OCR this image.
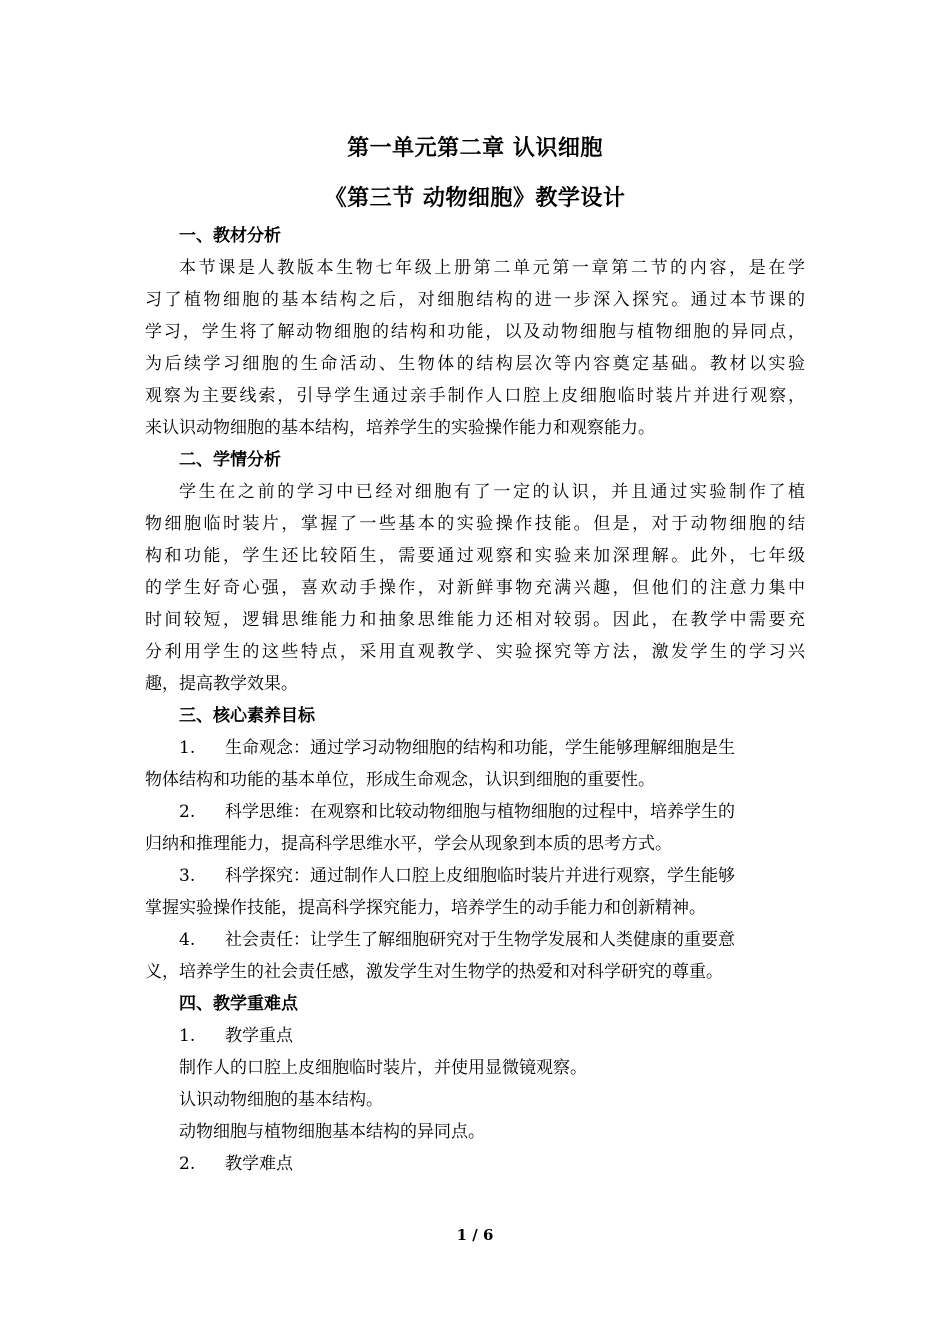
第一单元第二章 认识细胞
《第三节 动物细胞》教学设计
一、教材分析
本节课是人教版本生物七年级上册第二单元第一章第二节的内容，是在学
习了植物细胞的基本结构之后，对细胞结构的进一步深入探究。通过本节课的
学习，学生将了解动物细胞的结构和功能，以及动物细胞与植物细胞的异同点，
为后续学习细胞的生命活动、生物体的结构层次等内容奠定基础。教材以实验
观察为主要线索，引导学生通过亲手制作人口腔上皮细胞临时装片并进行观察，
来认识动物细胞的基本结构，培养学生的实验操作能力和观察能力。
二、学情分析
学生在之前的学习中已经对细胞有了一定的认识，并且通过实验制作了植
物细胞临时装片，掌握了一些基本的实验操作技能。但是，对于动物细胞的结
构和功能，学生还比较陌生，需要通过观察和实验来加深理解。此外，七年级
的学生好奇心强，喜欢动手操作，对新鲜事物充满兴趣，但他们的注意力集中
时间较短，逻辑思维能力和抽象思维能力还相对较弱。因此，在教学中需要充
分利用学生的这些特点，采用直观教学、实验探究等方法，激发学生的学习兴
趣，提高教学效果。
三、核心素养目标
1. 生命观念：通过学习动物细胞的结构和功能，学生能够理解细胞是生
物体结构和功能的基本单位，形成生命观念，认识到细胞的重要性。
2. 科学思维：在观察和比较动物细胞与植物细胞的过程中，培养学生的
归纳和推理能力，提高科学思维水平，学会从现象到本质的思考方式。
3. 科学探究：通过制作人口腔上皮细胞临时装片并进行观察，学生能够
掌握实验操作技能，提高科学探究能力，培养学生的动手能力和创新精神。
4. 社会责任：让学生了解细胞研究对于生物学发展和人类健康的重要意
义，培养学生的社会责任感，激发学生对生物学的热爱和对科学研究的尊重。
四、教学重难点
1. 教学重点
制作人的口腔上皮细胞临时装片，并使用显微镜观察。
认识动物细胞的基本结构。
动物细胞与植物细胞基本结构的异同点。
2. 教学难点
1 / 6
